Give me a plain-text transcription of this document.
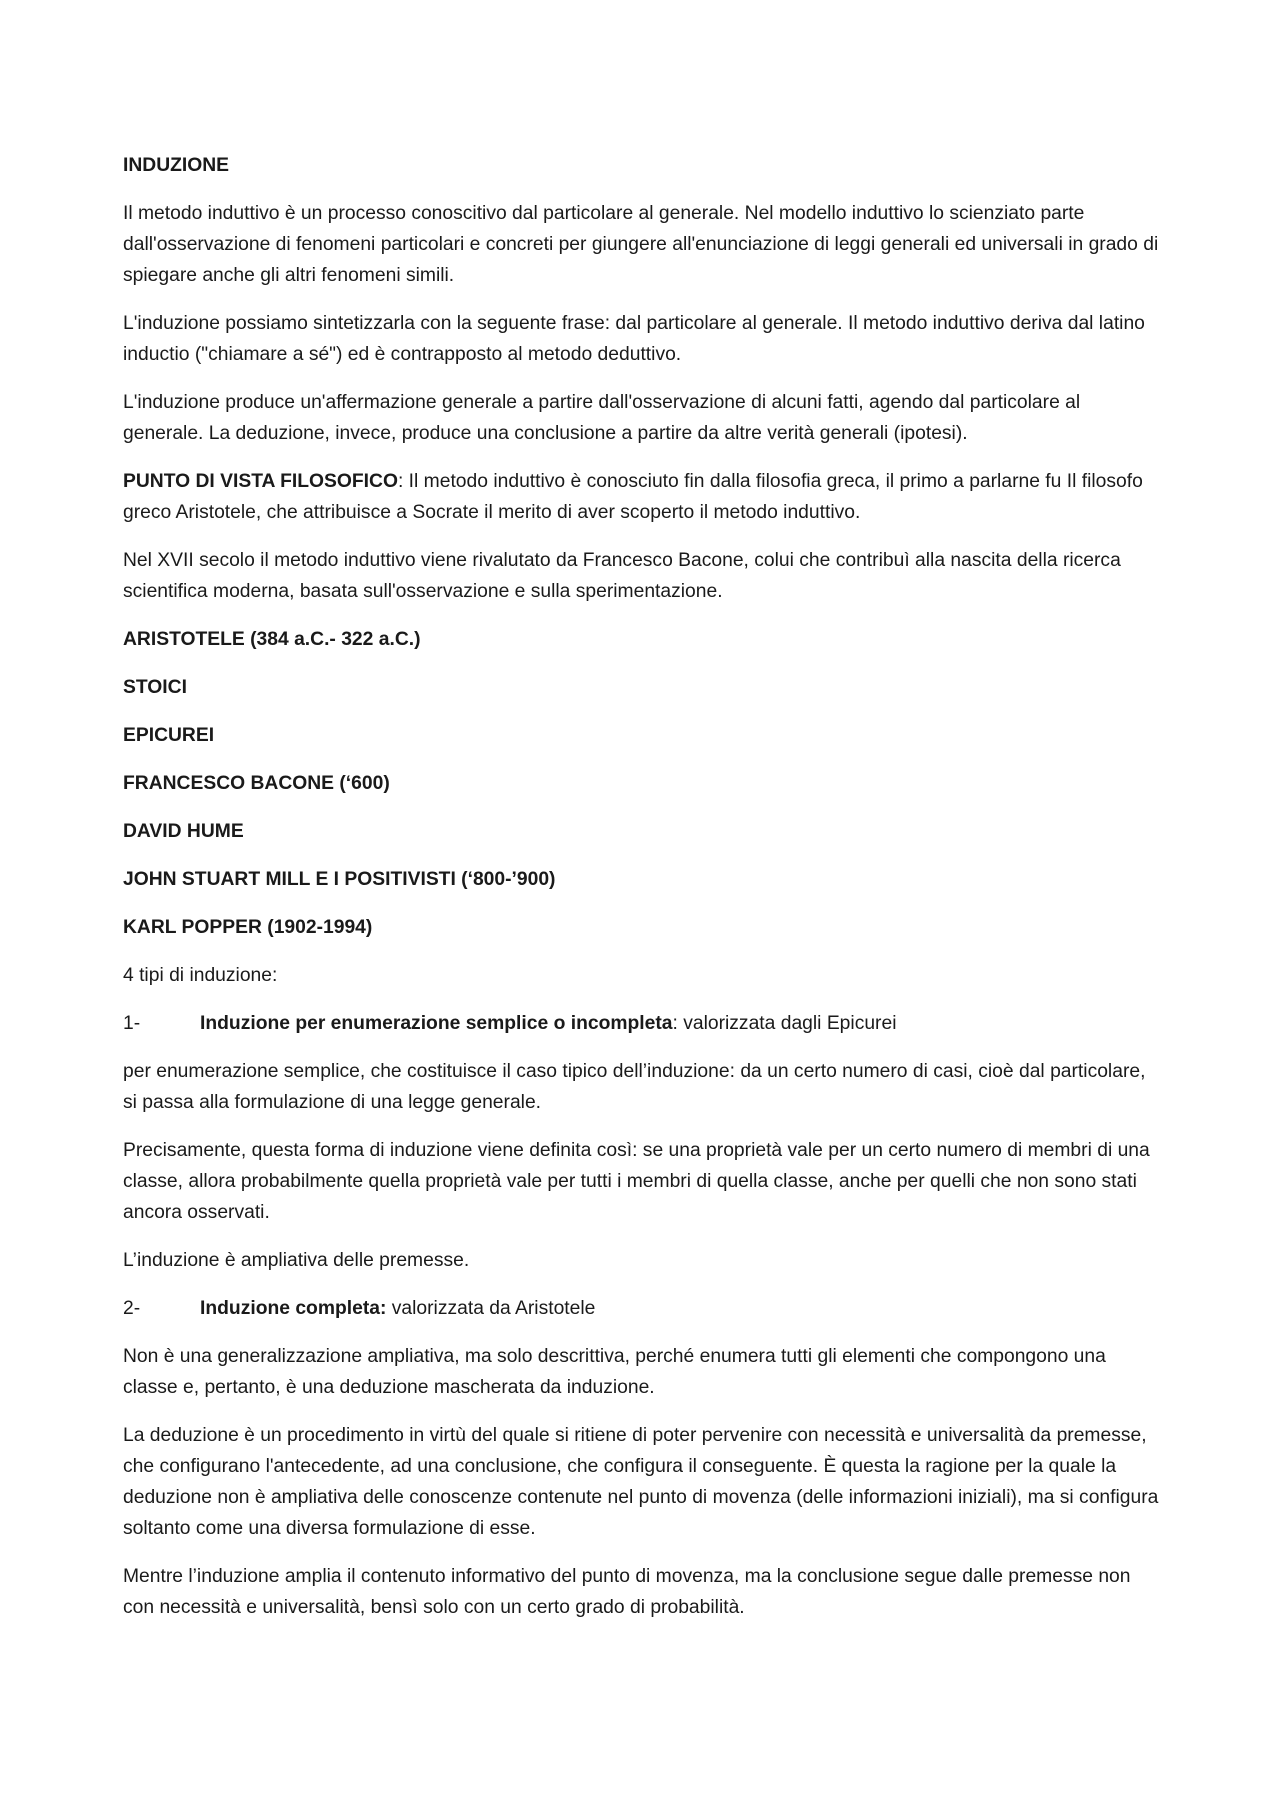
INDUZIONE

Il metodo induttivo è un processo conoscitivo dal particolare al generale. Nel modello induttivo lo scienziato parte dall'osservazione di fenomeni particolari e concreti per giungere all'enunciazione di leggi generali ed universali in grado di spiegare anche gli altri fenomeni simili.

L'induzione possiamo sintetizzarla con la seguente frase: dal particolare al generale. Il metodo induttivo deriva dal latino inductio ("chiamare a sé") ed è contrapposto al metodo deduttivo.

L'induzione produce un'affermazione generale a partire dall'osservazione di alcuni fatti, agendo dal particolare al generale. La deduzione, invece, produce una conclusione a partire da altre verità generali (ipotesi).

PUNTO DI VISTA FILOSOFICO: Il metodo induttivo è conosciuto fin dalla filosofia greca, il primo a parlarne fu Il filosofo greco Aristotele, che attribuisce a Socrate il merito di aver scoperto il metodo induttivo.

Nel XVII secolo il metodo induttivo viene rivalutato da Francesco Bacone, colui che contribuì alla nascita della ricerca scientifica moderna, basata sull'osservazione e sulla sperimentazione.

ARISTOTELE (384 a.C.- 322 a.C.)

STOICI

EPICUREI

FRANCESCO BACONE (‘600)

DAVID HUME

JOHN STUART MILL E I POSITIVISTI (‘800-’900)

KARL POPPER (1902-1994)

4 tipi di induzione:

1-	Induzione per enumerazione semplice o incompleta: valorizzata dagli Epicurei

per enumerazione semplice, che costituisce il caso tipico dell’induzione: da un certo numero di casi, cioè dal particolare, si passa alla formulazione di una legge generale.

Precisamente, questa forma di induzione viene definita così: se una proprietà vale per un certo numero di membri di una classe, allora probabilmente quella proprietà vale per tutti i membri di quella classe, anche per quelli che non sono stati ancora osservati.

L’induzione è ampliativa delle premesse.

2-	Induzione completa: valorizzata da Aristotele

Non è una generalizzazione ampliativa, ma solo descrittiva, perché enumera tutti gli elementi che compongono una classe e, pertanto, è una deduzione mascherata da induzione.

La deduzione è un procedimento in virtù del quale si ritiene di poter pervenire con necessità e universalità da premesse, che configurano l'antecedente, ad una conclusione, che configura il conseguente. È questa la ragione per la quale la deduzione non è ampliativa delle conoscenze contenute nel punto di movenza (delle informazioni iniziali), ma si configura soltanto come una diversa formulazione di esse.

Mentre l’induzione amplia il contenuto informativo del punto di movenza, ma la conclusione segue dalle premesse non con necessità e universalità, bensì solo con un certo grado di probabilità.
